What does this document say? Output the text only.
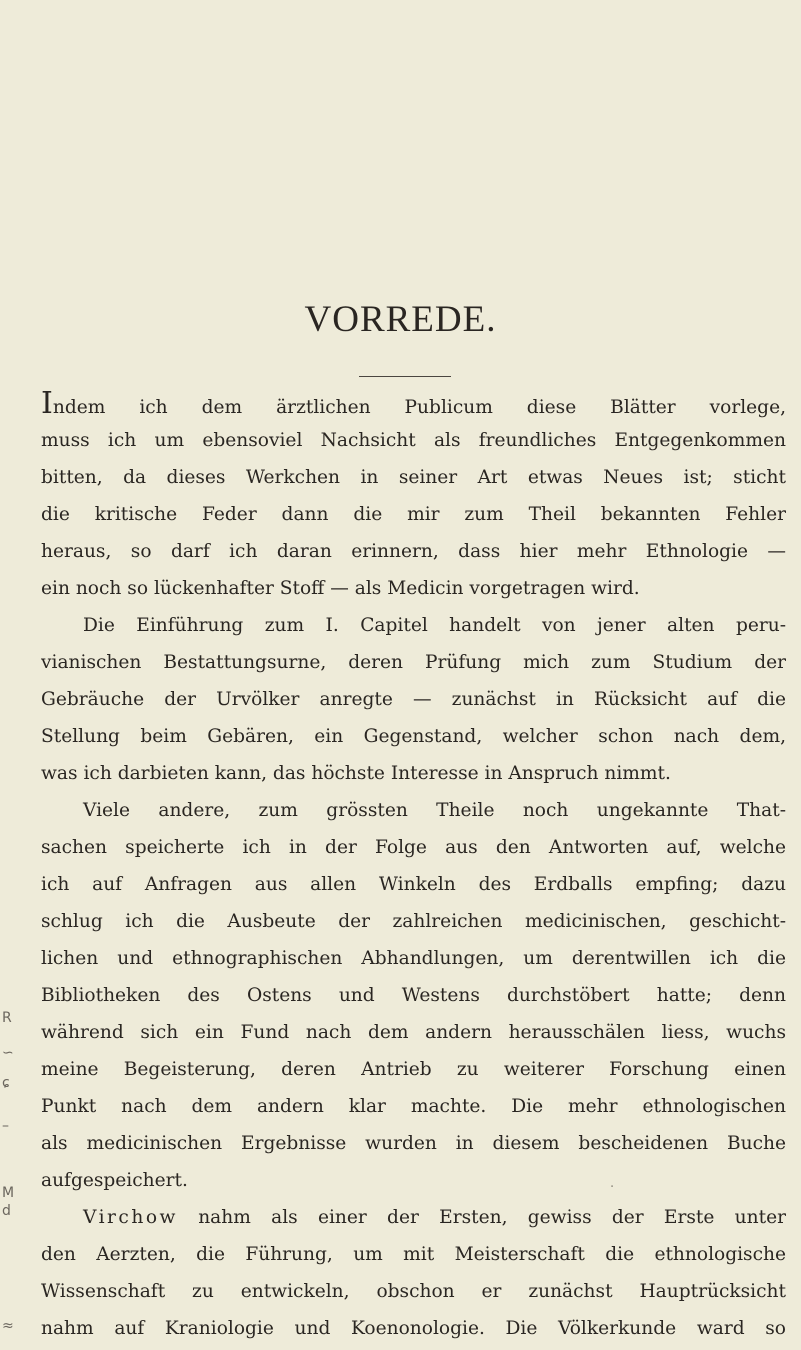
VORREDE.
Indem ich dem ärztlichen Publicum diese Blätter vorlege,
muss ich um ebensoviel Nachsicht als freundliches Entgegenkommen
bitten, da dieses Werkchen in seiner Art etwas Neues ist; sticht
die kritische Feder dann die mir zum Theil bekannten Fehler
heraus, so darf ich daran erinnern, dass hier mehr Ethnologie —
ein noch so lückenhafter Stoff — als Medicin vorgetragen wird.
Die Einführung zum I. Capitel handelt von jener alten peru-
vianischen Bestattungsurne, deren Prüfung mich zum Studium der
Gebräuche der Urvölker anregte — zunächst in Rücksicht auf die
Stellung beim Gebären, ein Gegenstand, welcher schon nach dem,
was ich darbieten kann, das höchste Interesse in Anspruch nimmt.
Viele andere, zum grössten Theile noch ungekannte That-
sachen speicherte ich in der Folge aus den Antworten auf, welche
ich auf Anfragen aus allen Winkeln des Erdballs empfing; dazu
schlug ich die Ausbeute der zahlreichen medicinischen, geschicht-
lichen und ethnographischen Abhandlungen, um derentwillen ich die
Bibliotheken des Ostens und Westens durchstöbert hatte; denn
während sich ein Fund nach dem andern herausschälen liess, wuchs
meine Begeisterung, deren Antrieb zu weiterer Forschung einen
Punkt nach dem andern klar machte. Die mehr ethnologischen
als medicinischen Ergebnisse wurden in diesem bescheidenen Buche
aufgespeichert.
Virchow nahm als einer der Ersten, gewiss der Erste unter
den Aerzten, die Führung, um mit Meisterschaft die ethnologische
Wissenschaft zu entwickeln, obschon er zunächst Hauptrücksicht
nahm auf Kraniologie und Koenonologie. Die Völkerkunde ward so
R
∽
ɕ
–
M
d
≈
·
